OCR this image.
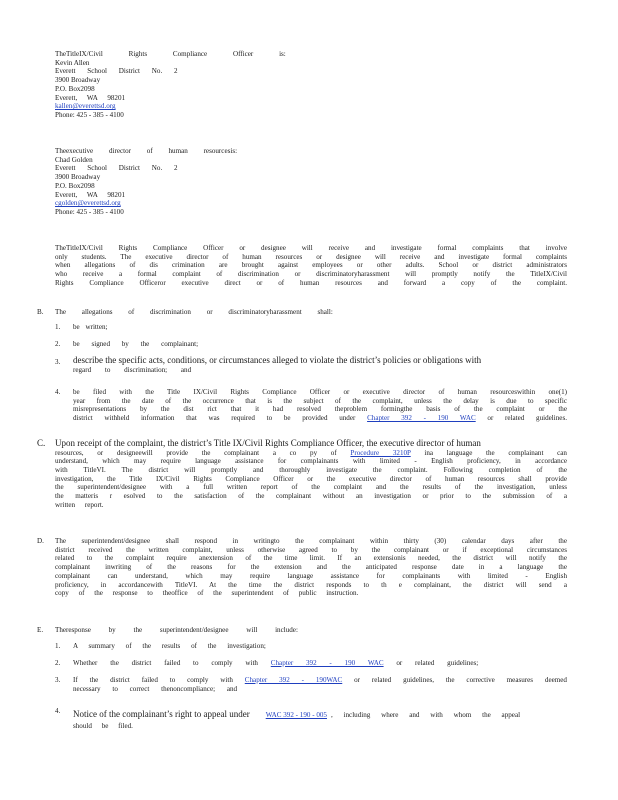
TheTitleIX/Civil Rights Compliance Officer is:
Kevin Allen
Everett School District No. 2
3900 Broadway
P.O. Box2098
Everett, WA 98201
kallen@everettsd.org
Phone: 425 - 385 - 4100
Theexecutive director of human resourcesis:
Chad Golden
Everett School District No. 2
3900 Broadway
P.O. Box2098
Everett, WA 98201
cgolden@everettsd.org
Phone: 425 - 385 - 4100
TheTitleIX/Civil Rights Compliance Officer or designee will receive and investigate formal complaints that involve
only students. The executive director of human resources or designee will receive and investigate formal complaints
when allegations of dis crimination are brought against employees or other adults. School or district administrators
who receive a formal complaint of discrimination or discriminatoryharassment will promptly notify the TitleIX/Civil
Rights Compliance Officeror executive direct or of human resources and forward a copy of the complaint.
B. The allegations of discrimination or discriminatoryharassment shall:
1. be written;
2. be signed by the complainant;
3. describe the specific acts, conditions, or circumstances alleged to violate the district’s policies or obligations with
regard to discrimination; and
4. be filed with the Title IX/Civil Rights Compliance Officer or executive director of human resourceswithin one(1)
year from the date of the occurrence that is the subject of the complaint, unless the delay is due to specific
misrepresentations by the dist rict that it had resolved theproblem formingthe basis of the complaint or the
district withheld information that was required to be provided under Chapter 392 - 190 WAC or related guidelines.
C. Upon receipt of the complaint, the district’s Title IX/Civil Rights Compliance Officer, the executive director of human
resources, or designeewill provide the complainant a co py of Procedure 3210P ina language the complainant can
understand, which may require language assistance for complainants with limited - English proficiency, in accordance
with TitleVI. The district will promptly and thoroughly investigate the complaint. Following completion of the
investigation, the Title IX/Civil Rights Compliance Officer or the executive director of human resources shall provide
the superintendent/designee with a full written report of the complaint and the results of the investigation, unless
the matteris r esolved to the satisfaction of the complainant without an investigation or prior to the submission of a
written report.
D. The superintendent/designee shall respond in writingto the complainant within thirty (30) calendar days after the
district received the written complaint, unless otherwise agreed to by the complainant or if exceptional circumstances
related to the complaint require anextension of the time limit. If an extensionis needed, the district will notify the
complainant inwriting of the reasons for the extension and the anticipated response date in a language the
complainant can understand, which may require language assistance for complainants with limited - English
proficiency, in accordancewith TitleVI. At the time the district responds to th e complainant, the district will send a
copy of the response to theoffice of the superintendent of public instruction.
E. Theresponse by the superintendent/designee will include:
1. A summary of the results of the investigation;
2. Whether the district failed to comply with Chapter 392 - 190 WAC or related guidelines;
3. If the district failed to comply with Chapter 392 - 190WAC or related guidelines, the corrective measures deemed
necessary to correct thenoncompliance; and
4. Notice of the complainant’s right to appeal under WAC 392 - 190 - 005 , including where and with whom the appeal
should be filed.
